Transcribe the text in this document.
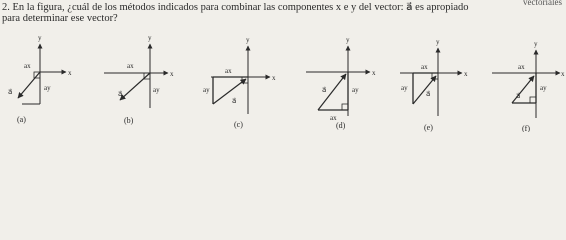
2. En la figura, ¿cuál de los métodos indicados para combinar las componentes x e y del vector: a⃗ es apropiado
para determinar ese vector?
vectoriales
y
x
ax
ay
a⃗
(a)
y
x
ax
ay
a⃗
(b)
y
x
ax
ay
a⃗
(c)
y
x
a⃗	ay
ax
(d)
y
x
ax
ay
a⃗
(e)
y
x
ax
ay
a⃗
(f)
